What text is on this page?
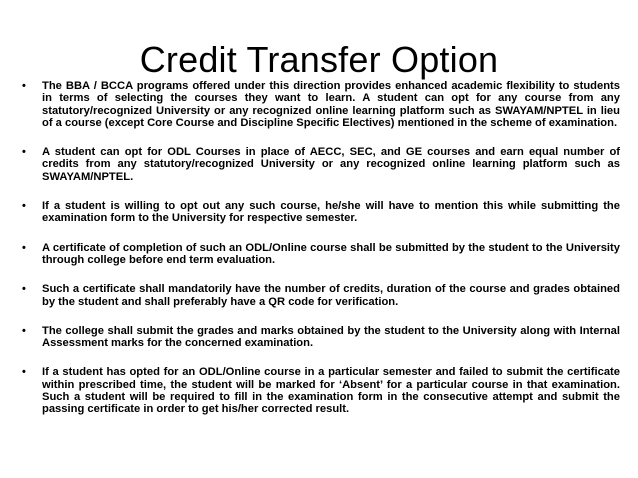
Credit Transfer Option
• The BBA / BCCA programs offered under this direction provides enhanced academic flexibility to students in terms of selecting the courses they want to learn. A student can opt for any course from any statutory/recognized University or any recognized online learning platform such as SWAYAM/NPTEL in lieu of a course (except Core Course and Discipline Specific Electives) mentioned in the scheme of examination.
• A student can opt for ODL Courses in place of AECC, SEC, and GE courses and earn equal number of credits from any statutory/recognized University or any recognized online learning platform such as SWAYAM/NPTEL.
• If a student is willing to opt out any such course, he/she will have to mention this while submitting the examination form to the University for respective semester.
• A certificate of completion of such an ODL/Online course shall be submitted by the student to the University through college before end term evaluation.
• Such a certificate shall mandatorily have the number of credits, duration of the course and grades obtained by the student and shall preferably have a QR code for verification.
• The college shall submit the grades and marks obtained by the student to the University along with Internal Assessment marks for the concerned examination.
• If a student has opted for an ODL/Online course in a particular semester and failed to submit the certificate within prescribed time, the student will be marked for ‘Absent’ for a particular course in that examination. Such a student will be required to fill in the examination form in the consecutive attempt and submit the passing certificate in order to get his/her corrected result.
